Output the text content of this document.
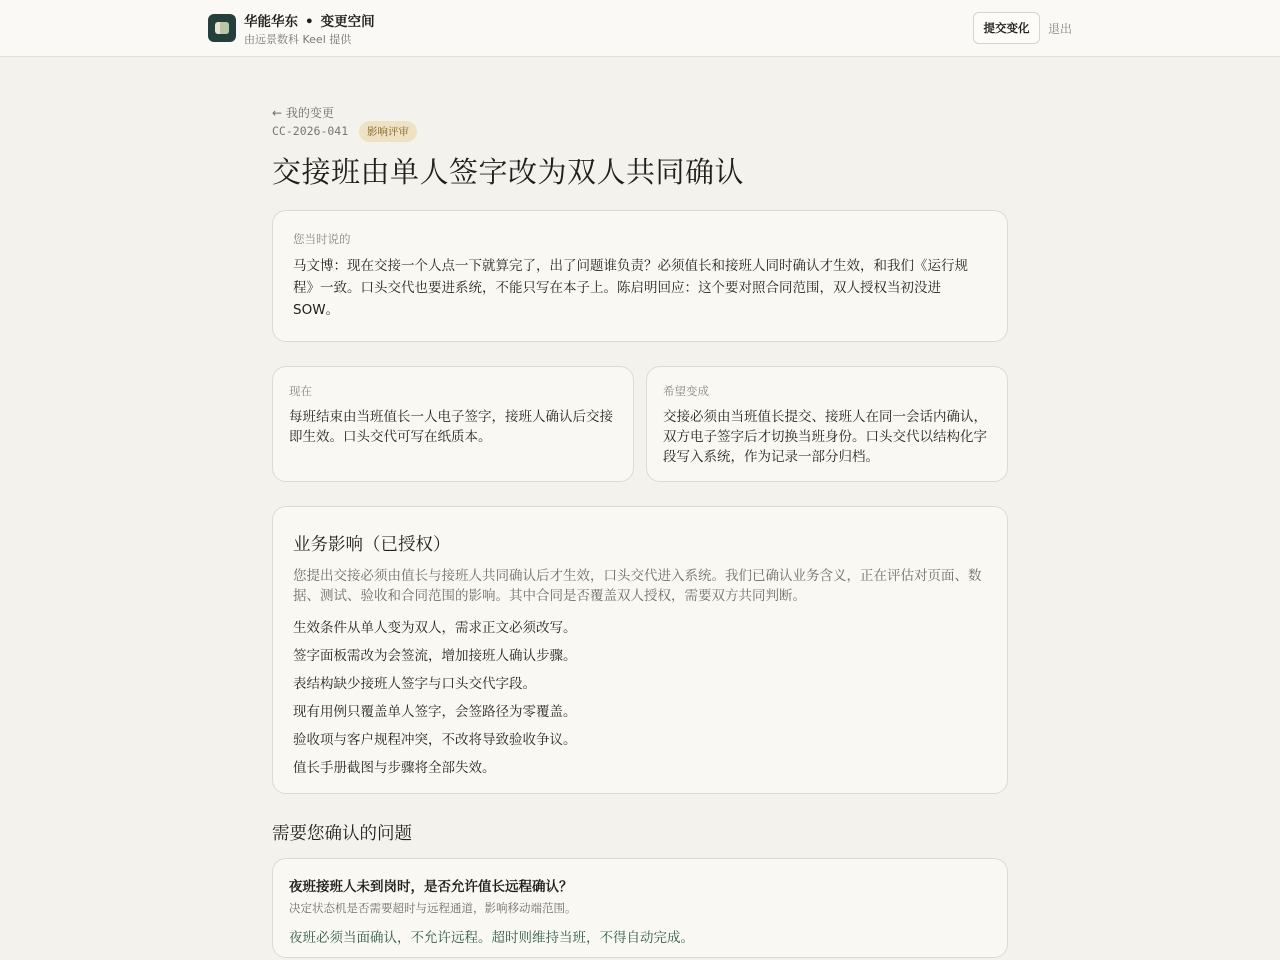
华能华东 • 变更空间
由远景数科 Keel 提供
提交变化	退出
← 我的变更
CC-2026-041	影响评审
交接班由单人签字改为双人共同确认
您当时说的
马文博：现在交接一个人点一下就算完了，出了问题谁负责？必须值长和接班人同时确认才生效，和我们《运行规程》一致。口头交代也要进系统，不能只写在本子上。陈启明回应：这个要对照合同范围，双人授权当初没进 SOW。
现在
每班结束由当班值长一人电子签字，接班人确认后交接即生效。口头交代可写在纸质本。
希望变成
交接必须由当班值长提交、接班人在同一会话内确认，双方电子签字后才切换当班身份。口头交代以结构化字段写入系统，作为记录一部分归档。
业务影响（已授权）
您提出交接必须由值长与接班人共同确认后才生效，口头交代进入系统。我们已确认业务含义，正在评估对页面、数据、测试、验收和合同范围的影响。其中合同是否覆盖双人授权，需要双方共同判断。
生效条件从单人变为双人，需求正文必须改写。
签字面板需改为会签流，增加接班人确认步骤。
表结构缺少接班人签字与口头交代字段。
现有用例只覆盖单人签字，会签路径为零覆盖。
验收项与客户规程冲突，不改将导致验收争议。
值长手册截图与步骤将全部失效。
需要您确认的问题
夜班接班人未到岗时，是否允许值长远程确认？
决定状态机是否需要超时与远程通道，影响移动端范围。
夜班必须当面确认，不允许远程。超时则维持当班，不得自动完成。
